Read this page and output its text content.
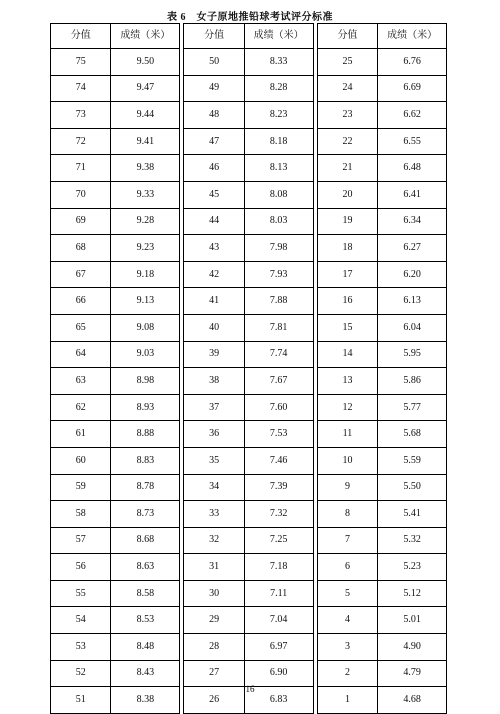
表 6　女子原地推铅球考试评分标准
分值	成绩（米）		分值	成绩（米）		分值	成绩（米）
75	9.50		50	8.33		25	6.76
74	9.47		49	8.28		24	6.69
73	9.44		48	8.23		23	6.62
72	9.41		47	8.18		22	6.55
71	9.38		46	8.13		21	6.48
70	9.33		45	8.08		20	6.41
69	9.28		44	8.03		19	6.34
68	9.23		43	7.98		18	6.27
67	9.18		42	7.93		17	6.20
66	9.13		41	7.88		16	6.13
65	9.08		40	7.81		15	6.04
64	9.03		39	7.74		14	5.95
63	8.98		38	7.67		13	5.86
62	8.93		37	7.60		12	5.77
61	8.88		36	7.53		11	5.68
60	8.83		35	7.46		10	5.59
59	8.78		34	7.39		9	5.50
58	8.73		33	7.32		8	5.41
57	8.68		32	7.25		7	5.32
56	8.63		31	7.18		6	5.23
55	8.58		30	7.11		5	5.12
54	8.53		29	7.04		4	5.01
53	8.48		28	6.97		3	4.90
52	8.43		27	6.90		2	4.79
51	8.38		26	6.83		1	4.68
16
